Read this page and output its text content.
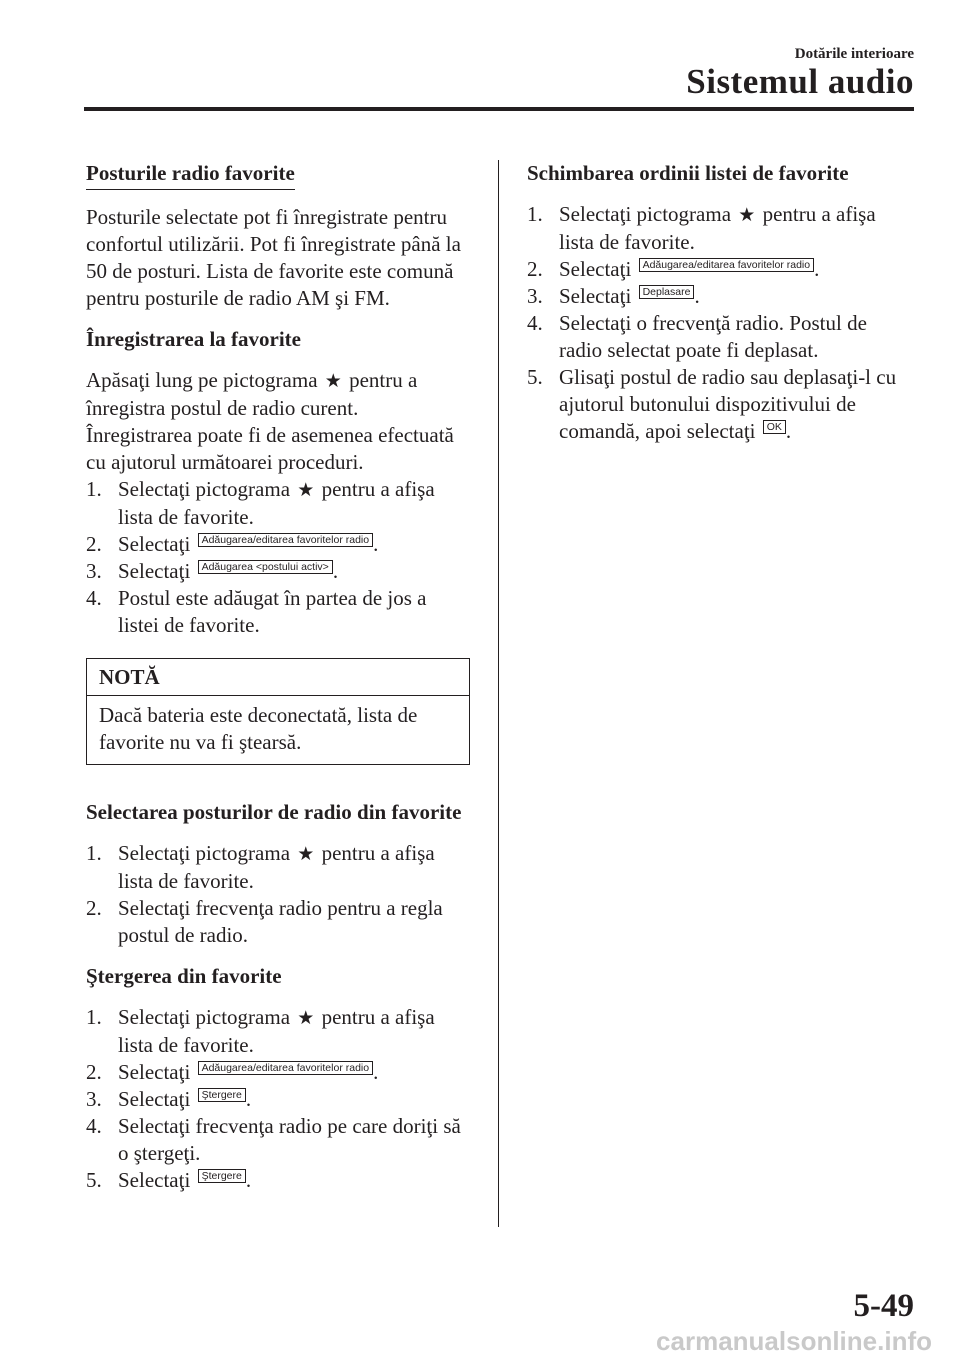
Dotările interioare
Sistemul audio
Posturile radio favorite

Posturile selectate pot fi înregistrate pentru confortul utilizării. Pot fi înregistrate până la 50 de posturi. Lista de favorite este comună pentru posturile de radio AM şi FM.

Înregistrarea la favorite

Apăsaţi lung pe pictograma ★ pentru a înregistra postul de radio curent.

Înregistrarea poate fi de asemenea efectuată cu ajutorul următoarei proceduri.

1. Selectaţi pictograma ★ pentru a afişa lista de favorite.
2. Selectaţi Adăugarea/editarea favoritelor radio .
3. Selectaţi Adăugarea <postului activ> .
4. Postul este adăugat în partea de jos a listei de favorite.
NOTĂ
Dacă bateria este deconectată, lista de favorite nu va fi ştearsă.
Selectarea posturilor de radio din favorite
1. Selectaţi pictograma ★ pentru a afişa lista de favorite.
2. Selectaţi frecvenţa radio pentru a regla postul de radio.
Ştergerea din favorite
1. Selectaţi pictograma ★ pentru a afişa lista de favorite.
2. Selectaţi Adăugarea/editarea favoritelor radio .
3. Selectaţi Ştergere .
4. Selectaţi frecvenţa radio pe care doriţi să o ştergeţi.
5. Selectaţi Ştergere .
Schimbarea ordinii listei de favorite
1. Selectaţi pictograma ★ pentru a afişa lista de favorite.
2. Selectaţi Adăugarea/editarea favoritelor radio .
3. Selectaţi Deplasare .
4. Selectaţi o frecvenţă radio. Postul de radio selectat poate fi deplasat.
5. Glisaţi postul de radio sau deplasaţi-l cu ajutorul butonului dispozitivului de comandă, apoi selectaţi OK .
5-49
carmanualsonline.info
